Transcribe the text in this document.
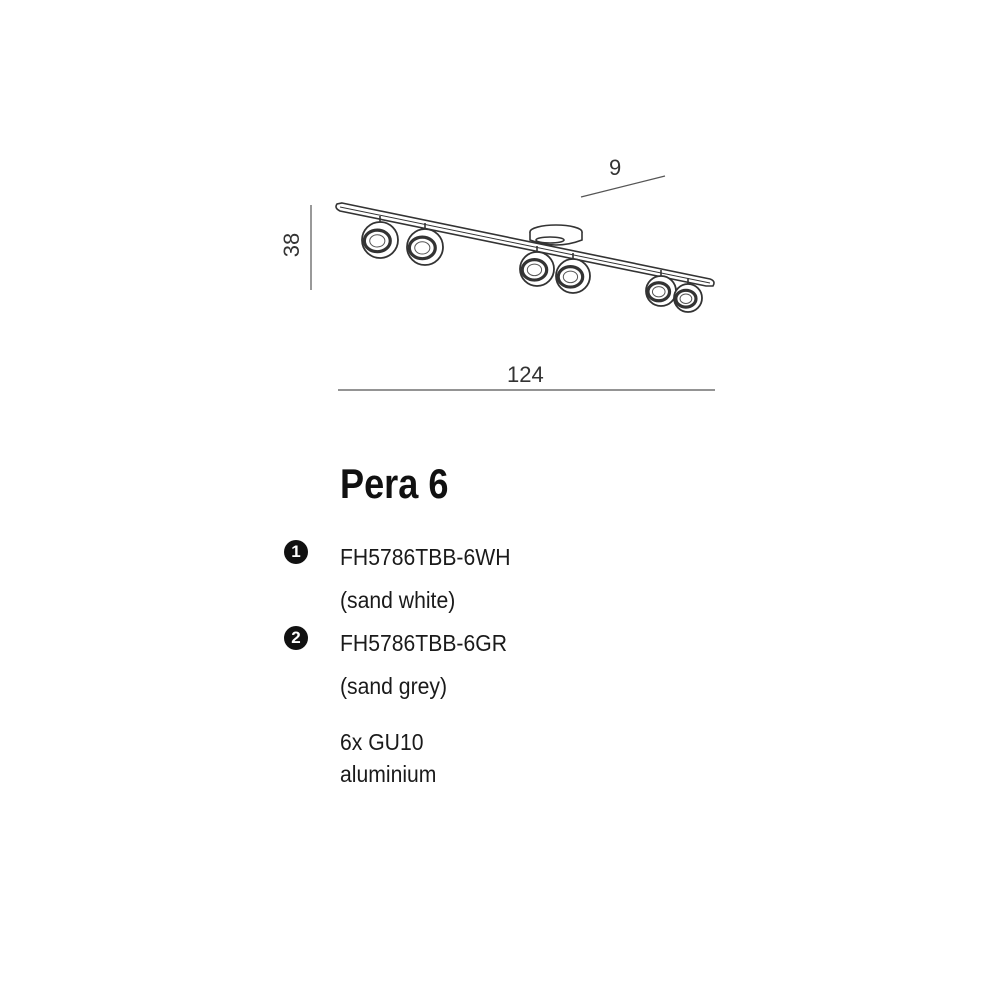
9
38
124
Pera 6
1	FH5786TBB-6WH
(sand white)
2	FH5786TBB-6GR
(sand grey)
6x GU10
aluminium
